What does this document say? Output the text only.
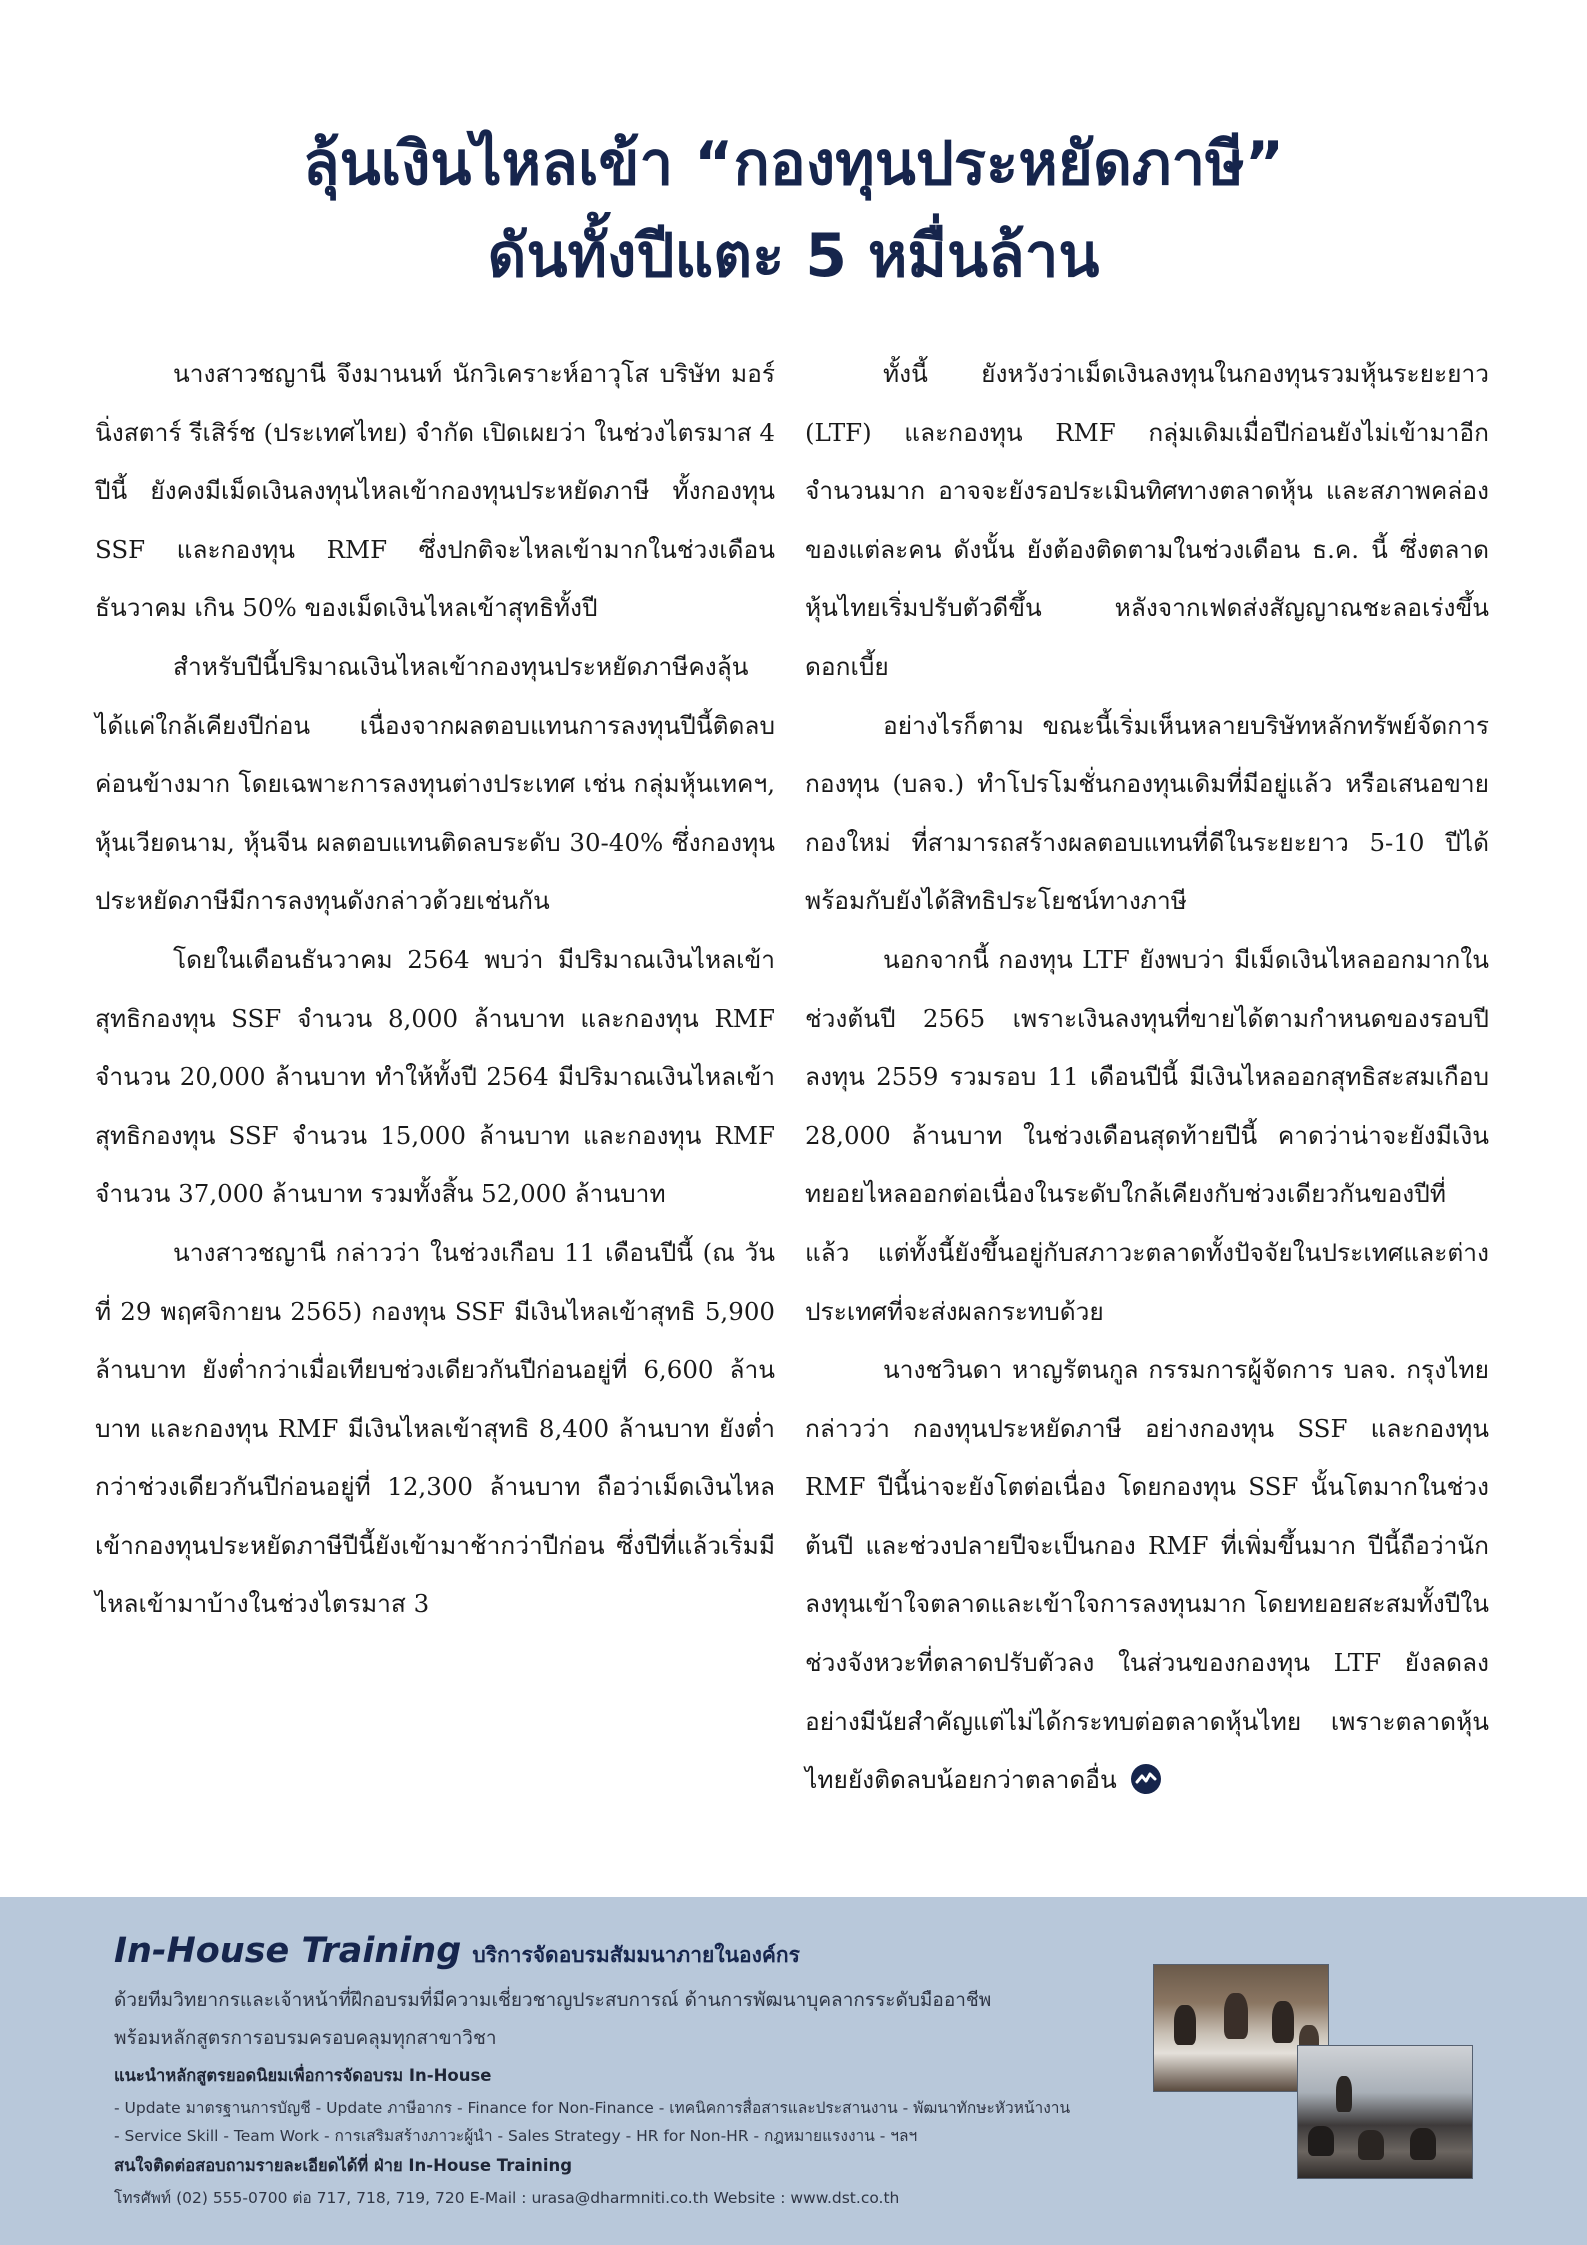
ลุ้นเงินไหลเข้า “กองทุนประหยัดภาษี”
ดันทั้งปีแตะ 5 หมื่นล้าน

นางสาวชญานี จึงมานนท์ นักวิเคราะห์อาวุโส บริษัท มอร์นิ่งสตาร์ รีเสิร์ช (ประเทศไทย) จำกัด เปิดเผยว่า ในช่วงไตรมาส 4 ปีนี้ ยังคงมีเม็ดเงินลงทุนไหลเข้ากองทุนประหยัดภาษี ทั้งกองทุน SSF และกองทุน RMF ซึ่งปกติจะไหลเข้ามากในช่วงเดือนธันวาคม เกิน 50% ของเม็ดเงินไหลเข้าสุทธิทั้งปี

สำหรับปีนี้ปริมาณเงินไหลเข้ากองทุนประหยัดภาษีคงลุ้นได้แค่ใกล้เคียงปีก่อน เนื่องจากผลตอบแทนการลงทุนปีนี้ติดลบค่อนข้างมาก โดยเฉพาะการลงทุนต่างประเทศ เช่น กลุ่มหุ้นเทคฯ, หุ้นเวียดนาม, หุ้นจีน ผลตอบแทนติดลบระดับ 30-40% ซึ่งกองทุนประหยัดภาษีมีการลงทุนดังกล่าวด้วยเช่นกัน

โดยในเดือนธันวาคม 2564 พบว่า มีปริมาณเงินไหลเข้าสุทธิกองทุน SSF จำนวน 8,000 ล้านบาท และกองทุน RMF จำนวน 20,000 ล้านบาท ทำให้ทั้งปี 2564 มีปริมาณเงินไหลเข้าสุทธิกองทุน SSF จำนวน 15,000 ล้านบาท และกองทุน RMF จำนวน 37,000 ล้านบาท รวมทั้งสิ้น 52,000 ล้านบาท

นางสาวชญานี กล่าวว่า ในช่วงเกือบ 11 เดือนปีนี้ (ณ วันที่ 29 พฤศจิกายน 2565) กองทุน SSF มีเงินไหลเข้าสุทธิ 5,900 ล้านบาท ยังต่ำกว่าเมื่อเทียบช่วงเดียวกันปีก่อนอยู่ที่ 6,600 ล้านบาท และกองทุน RMF มีเงินไหลเข้าสุทธิ 8,400 ล้านบาท ยังต่ำกว่าช่วงเดียวกันปีก่อนอยู่ที่ 12,300 ล้านบาท ถือว่าเม็ดเงินไหลเข้ากองทุนประหยัดภาษีปีนี้ยังเข้ามาช้ากว่าปีก่อน ซึ่งปีที่แล้วเริ่มมีไหลเข้ามาบ้างในช่วงไตรมาส 3

ทั้งนี้ ยังหวังว่าเม็ดเงินลงทุนในกองทุนรวมหุ้นระยะยาว (LTF) และกองทุน RMF กลุ่มเดิมเมื่อปีก่อนยังไม่เข้ามาอีกจำนวนมาก อาจจะยังรอประเมินทิศทางตลาดหุ้น และสภาพคล่องของแต่ละคน ดังนั้น ยังต้องติดตามในช่วงเดือน ธ.ค. นี้ ซึ่งตลาดหุ้นไทยเริ่มปรับตัวดีขึ้น หลังจากเฟดส่งสัญญาณชะลอเร่งขึ้นดอกเบี้ย

อย่างไรก็ตาม ขณะนี้เริ่มเห็นหลายบริษัทหลักทรัพย์จัดการกองทุน (บลจ.) ทำโปรโมชั่นกองทุนเดิมที่มีอยู่แล้ว หรือเสนอขายกองใหม่ ที่สามารถสร้างผลตอบแทนที่ดีในระยะยาว 5-10 ปีได้ พร้อมกับยังได้สิทธิประโยชน์ทางภาษี

นอกจากนี้ กองทุน LTF ยังพบว่า มีเม็ดเงินไหลออกมากในช่วงต้นปี 2565 เพราะเงินลงทุนที่ขายได้ตามกำหนดของรอบปีลงทุน 2559 รวมรอบ 11 เดือนปีนี้ มีเงินไหลออกสุทธิสะสมเกือบ 28,000 ล้านบาท ในช่วงเดือนสุดท้ายปีนี้ คาดว่าน่าจะยังมีเงินทยอยไหลออกต่อเนื่องในระดับใกล้เคียงกับช่วงเดียวกันของปีที่แล้ว แต่ทั้งนี้ยังขึ้นอยู่กับสภาวะตลาดทั้งปัจจัยในประเทศและต่างประเทศที่จะส่งผลกระทบด้วย

นางชวินดา หาญรัตนกูล กรรมการผู้จัดการ บลจ. กรุงไทย กล่าวว่า กองทุนประหยัดภาษี อย่างกองทุน SSF และกองทุน RMF ปีนี้น่าจะยังโตต่อเนื่อง โดยกองทุน SSF นั้นโตมากในช่วงต้นปี และช่วงปลายปีจะเป็นกอง RMF ที่เพิ่มขึ้นมาก ปีนี้ถือว่านักลงทุนเข้าใจตลาดและเข้าใจการลงทุนมาก โดยทยอยสะสมทั้งปีในช่วงจังหวะที่ตลาดปรับตัวลง ในส่วนของกองทุน LTF ยังลดลงอย่างมีนัยสำคัญแต่ไม่ได้กระทบต่อตลาดหุ้นไทย เพราะตลาดหุ้นไทยยังติดลบน้อยกว่าตลาดอื่น

In-House Training บริการจัดอบรมสัมมนาภายในองค์กร
ด้วยทีมวิทยากรและเจ้าหน้าที่ฝึกอบรมที่มีความเชี่ยวชาญประสบการณ์ ด้านการพัฒนาบุคลากรระดับมืออาชีพ
พร้อมหลักสูตรการอบรมครอบคลุมทุกสาขาวิชา
แนะนำหลักสูตรยอดนิยมเพื่อการจัดอบรม In-House
- Update มาตรฐานการบัญชี - Update ภาษีอากร - Finance for Non-Finance - เทคนิคการสื่อสารและประสานงาน - พัฒนาทักษะหัวหน้างาน
- Service Skill - Team Work - การเสริมสร้างภาวะผู้นำ - Sales Strategy - HR for Non-HR - กฎหมายแรงงาน - ฯลฯ
สนใจติดต่อสอบถามรายละเอียดได้ที่ ฝ่าย In-House Training
โทรศัพท์ (02) 555-0700 ต่อ 717, 718, 719, 720 E-Mail : urasa@dharmniti.co.th Website : www.dst.co.th
